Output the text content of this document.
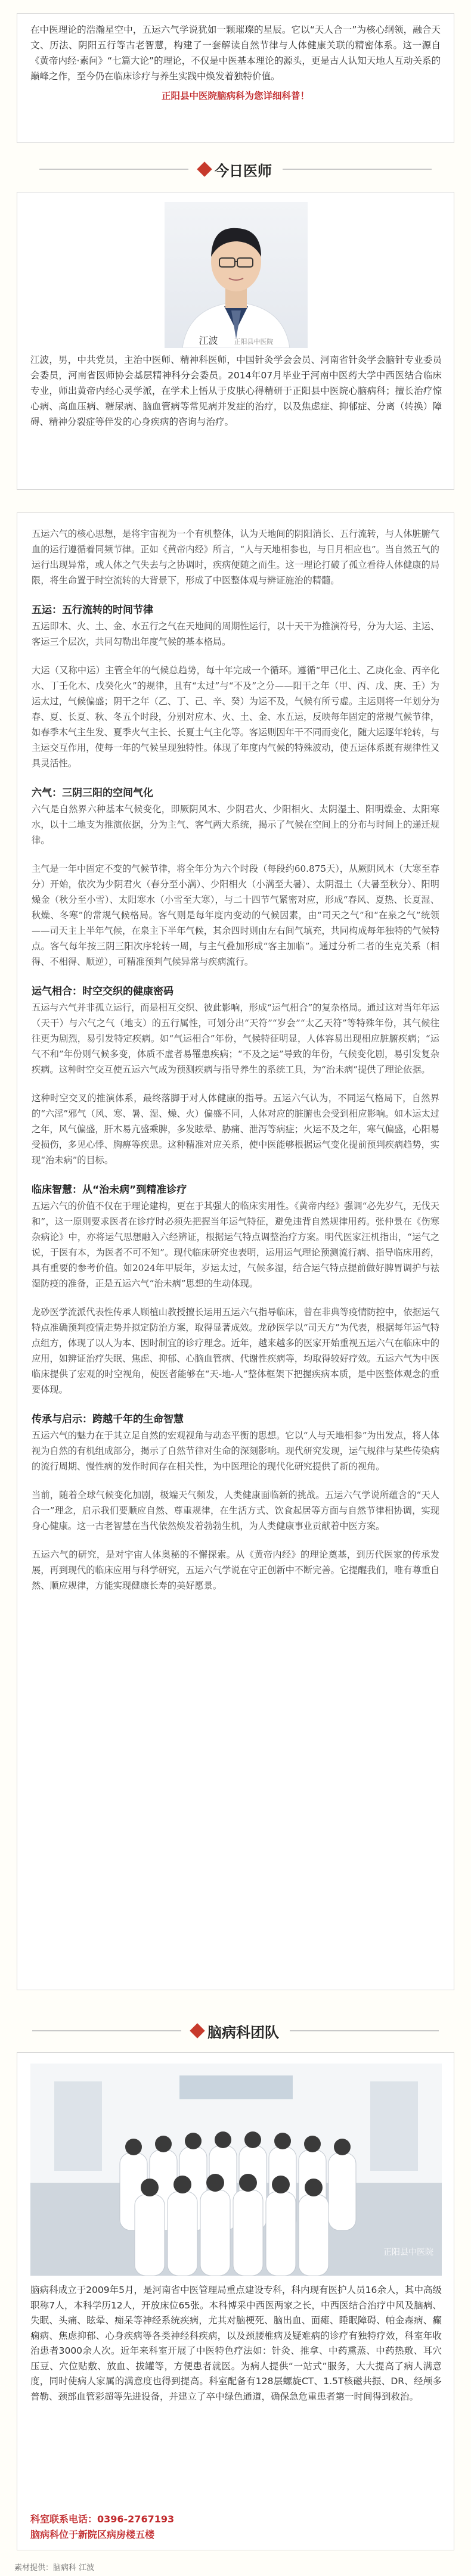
在中医理论的浩瀚星空中，五运六气学说犹如一颗璀璨的星辰。它以“天人合一”为核心纲领，融合天文、历法、阴阳五行等古老智慧，构建了一套解读自然节律与人体健康关联的精密体系。这一源自《黄帝内经·素问》“七篇大论”的理论，不仅是中医基本理论的源头，更是古人认知天地人互动关系的巅峰之作，至今仍在临床诊疗与养生实践中焕发着独特价值。

正阳县中医院脑病科为您详细科普！

今日医师
江波 正阳县中医院

江波，男，中共党员，主治中医师、精神科医师，中国针灸学会会员、河南省针灸学会脑针专业委员会委员，河南省医师协会基层精神科分会委员。2014年07月毕业于河南中医药大学中西医结合临床专业，师出黄帝内经心灵学派，在学术上悟从于皮肤心得精研于正阳县中医院心脑病科；擅长治疗惊心病、高血压病、糖尿病、脑血管病等常见病并发症的治疗，以及焦虑症、抑郁症、分离（转换）障碍、精神分裂症等伴发的心身疾病的咨询与治疗。

五运六气的核心思想，是将宇宙视为一个有机整体，认为天地间的阴阳消长、五行流转，与人体脏腑气血的运行遵循着同频节律。正如《黄帝内经》所言，“人与天地相参也，与日月相应也”。当自然五气的运行出现异常，或人体之气失去与之协调时，疾病便随之而生。这一理论打破了孤立看待人体健康的局限，将生命置于时空流转的大背景下，形成了中医整体观与辨证施治的精髓。

五运：五行流转的时间节律

五运即木、火、土、金、水五行之气在天地间的周期性运行，以十天干为推演符号，分为大运、主运、客运三个层次，共同勾勒出年度气候的基本格局。

大运（又称中运）主管全年的气候总趋势，每十年完成一个循环。遵循“甲己化土、乙庚化金、丙辛化水、丁壬化木、戊癸化火”的规律，且有“太过”与“不及”之分——阳干之年（甲、丙、戊、庚、壬）为运太过，气候偏盛；阴干之年（乙、丁、己、辛、癸）为运不及，气候有所亏虚。主运则将一年划分为春、夏、长夏、秋、冬五个时段，分别对应木、火、土、金、水五运，反映每年固定的常规气候节律，如春季木气主生发、夏季火气主长、长夏土气主化等。客运则因年干不同而变化，随大运逐年轮转，与主运交互作用，使每一年的气候呈现独特性。体现了年度内气候的特殊波动，使五运体系既有规律性又具灵活性。

六气：三阴三阳的空间气化

六气是自然界六种基本气候变化，即厥阴风木、少阴君火、少阳相火、太阴湿土、阳明燥金、太阳寒水，以十二地支为推演依据，分为主气、客气两大系统，揭示了气候在空间上的分布与时间上的递迁规律。

主气是一年中固定不变的气候节律，将全年分为六个时段（每段约60.875天），从厥阴风木（大寒至春分）开始，依次为少阴君火（春分至小满）、少阳相火（小满至大暑）、太阴湿土（大暑至秋分）、阳明燥金（秋分至小雪）、太阳寒水（小雪至大寒），与二十四节气紧密对应，形成“春风、夏热、长夏湿、秋燥、冬寒”的常规气候格局。客气则是每年度内变动的气候因素，由“司天之气”和“在泉之气”统领——司天主上半年气候，在泉主下半年气候，其余四时则由左右间气填充，共同构成每年独特的气候特点。客气每年按三阴三阳次序轮转一周，与主气叠加形成“客主加临”。通过分析二者的生克关系（相得、不相得、顺逆），可精准预判气候异常与疾病流行。

运气相合：时空交织的健康密码

五运与六气并非孤立运行，而是相互交织、彼此影响，形成“运气相合”的复杂格局。通过这对当年年运（天干）与六气之气（地支）的五行属性，可划分出“天符”“岁会”“太乙天符”等特殊年份，其气候往往更为剧烈，易引发特定疾病。如“气运相合”年份，气候特征明显，人体容易出现相应脏腑疾病；“运气不和”年份则气候多变，体质不虚者易罹患疾病；“不及之运”导致的年份，气候变化剧，易引发复杂疾病。这种时空交互使五运六气成为预测疾病与指导养生的系统工具，为“治未病”提供了理论依据。

这种时空交叉的推演体系，最终落脚于对人体健康的指导。五运六气认为，不同运气格局下，自然界的“六淫”邪气（风、寒、暑、湿、燥、火）偏盛不同，人体对应的脏腑也会受到相应影响。如木运太过之年，风气偏盛，肝木易亢盛乘脾，多发眩晕、胁痛、泄泻等病症；火运不及之年，寒气偏盛，心阳易受损伤，多见心悸、胸痹等疾患。这种精准对应关系，使中医能够根据运气变化提前预判疾病趋势，实现“治未病”的目标。

临床智慧：从“治未病”到精准诊疗

五运六气的价值不仅在于理论建构，更在于其强大的临床实用性。《黄帝内经》强调“必先岁气，无伐天和”，这一原则要求医者在诊疗时必须先把握当年运气特征，避免违背自然规律用药。张仲景在《伤寒杂病论》中，亦将运气思想融入六经辨证，根据运气特点调整治疗方案。明代医家汪机指出，“运气之说，于医有本，为医者不可不知”。现代临床研究也表明，运用运气理论预测流行病、指导临床用药，具有重要的参考价值。如2024年甲辰年，岁运太过，气候多湿，结合运气特点提前做好脾胃调护与祛湿防疫的准备，正是五运六气“治未病”思想的生动体现。

龙砂医学流派代表性传承人顾植山教授擅长运用五运六气指导临床，曾在非典等疫情防控中，依据运气特点准确预判疫情走势并拟定防治方案，取得显著成效。龙砂医学以“司天方”为代表，根据每年运气特点组方，体现了以人为本、因时制宜的诊疗理念。近年，越来越多的医家开始重视五运六气在临床中的应用，如辨证治疗失眠、焦虑、抑郁、心脑血管病、代谢性疾病等，均取得较好疗效。五运六气为中医临床提供了宏观的时空视角，使医者能够在“天-地-人”整体框架下把握疾病本质，是中医整体观念的重要体现。

传承与启示：跨越千年的生命智慧

五运六气的魅力在于其立足自然的宏观视角与动态平衡的思想。它以“人与天地相参”为出发点，将人体视为自然的有机组成部分，揭示了自然节律对生命的深刻影响。现代研究发现，运气规律与某些传染病的流行周期、慢性病的发作时间存在相关性，为中医理论的现代化研究提供了新的视角。

当前，随着全球气候变化加剧，极端天气频发，人类健康面临新的挑战。五运六气学说所蕴含的“天人合一”理念，启示我们要顺应自然、尊重规律，在生活方式、饮食起居等方面与自然节律相协调，实现身心健康。这一古老智慧在当代依然焕发着勃勃生机，为人类健康事业贡献着中医方案。

五运六气的研究，是对宇宙人体奥秘的不懈探索。从《黄帝内经》的理论奠基，到历代医家的传承发展，再到现代的临床应用与科学研究，五运六气学说在守正创新中不断完善。它提醒我们，唯有尊重自然、顺应规律，方能实现健康长寿的美好愿景。

脑病科团队
正阳县中医院

脑病科成立于2009年5月，是河南省中医管理局重点建设专科，科内现有医护人员16余人，其中高级职称7人，本科学历12人，开放床位65张。本科博采中西医两家之长，中西医结合治疗中风及脑病、失眠、头痛、眩晕、痴呆等神经系统疾病，尤其对脑梗死、脑出血、面瘫、睡眠障碍、帕金森病、癫痫病、焦虑抑郁、心身疾病等各类神经科疾病，以及颈腰椎病及疑难病的诊疗有独特疗效，科室年收治患者3000余人次。近年来科室开展了中医特色疗法如：针灸、推拿、中药熏蒸、中药热敷、耳穴压豆、穴位贴敷、放血、拔罐等，方便患者就医。为病人提供“一站式”服务，大大提高了病人满意度，同时使病人家属的满意度也得到提高。科室配备有128层螺旋CT、1.5T核磁共振、DR、经颅多普勒、颈部血管彩超等先进设备，并建立了卒中绿色通道，确保急危重患者第一时间得到救治。

科室联系电话：0396-2767193

脑病科位于新院区病房楼五楼

素材提供：脑病科 江波
